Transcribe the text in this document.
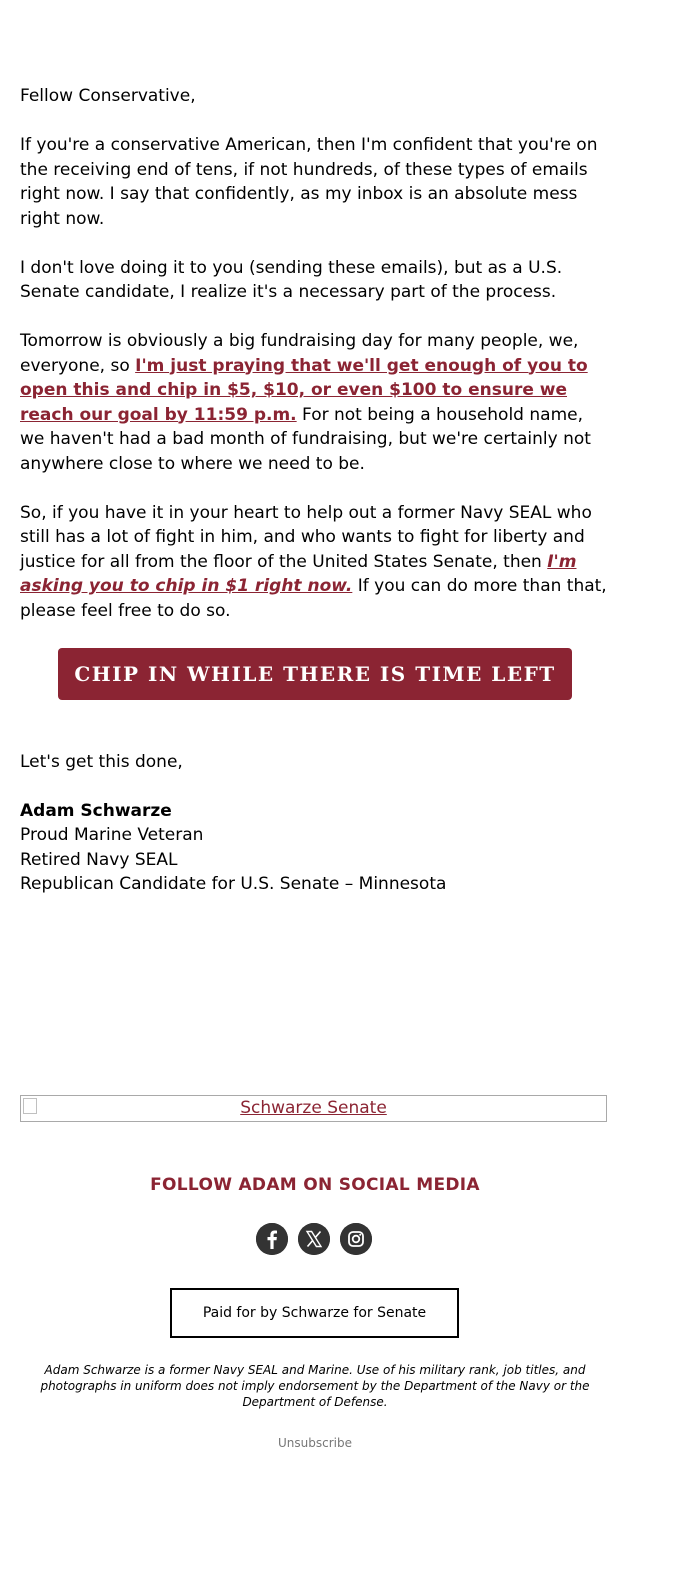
Fellow Conservative,

If you're a conservative American, then I'm confident that you're on the receiving end of tens, if not hundreds, of these types of emails right now. I say that confidently, as my inbox is an absolute mess right now.

I don't love doing it to you (sending these emails), but as a U.S. Senate candidate, I realize it's a necessary part of the process.

Tomorrow is obviously a big fundraising day for many people, we, everyone, so I'm just praying that we'll get enough of you to open this and chip in $5, $10, or even $100 to ensure we reach our goal by 11:59 p.m. For not being a household name, we haven't had a bad month of fundraising, but we're certainly not anywhere close to where we need to be.

So, if you have it in your heart to help out a former Navy SEAL who still has a lot of fight in him, and who wants to fight for liberty and justice for all from the floor of the United States Senate, then I'm asking you to chip in $1 right now. If you can do more than that, please feel free to do so.

CHIP IN WHILE THERE IS TIME LEFT

Let's get this done,

Adam Schwarze
Proud Marine Veteran
Retired Navy SEAL
Republican Candidate for U.S. Senate – Minnesota
Schwarze Senate
FOLLOW ADAM ON SOCIAL MEDIA
Paid for by Schwarze for Senate
Adam Schwarze is a former Navy SEAL and Marine. Use of his military rank, job titles, and photographs in uniform does not imply endorsement by the Department of the Navy or the Department of Defense.
Unsubscribe
